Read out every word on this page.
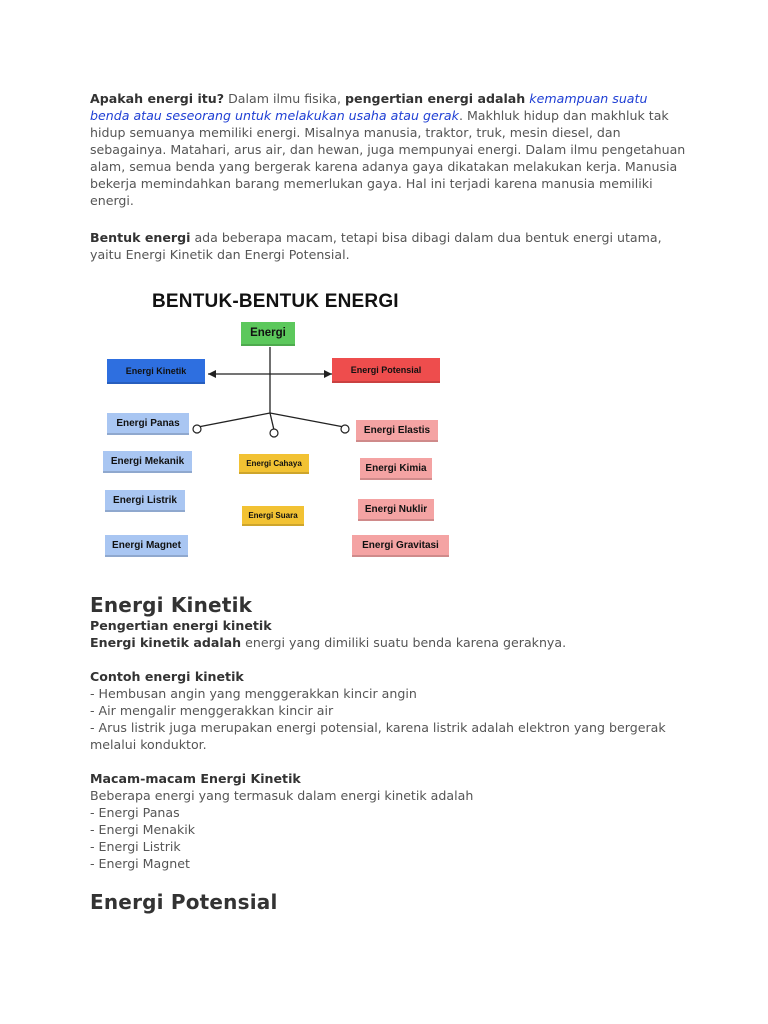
Apakah energi itu? Dalam ilmu fisika, pengertian energi adalah kemampuan suatu benda atau seseorang untuk melakukan usaha atau gerak. Makhluk hidup dan makhluk tak hidup semuanya memiliki energi. Misalnya manusia, traktor, truk, mesin diesel, dan sebagainya. Matahari, arus air, dan hewan, juga mempunyai energi. Dalam ilmu pengetahuan alam, semua benda yang bergerak karena adanya gaya dikatakan melakukan kerja. Manusia bekerja memindahkan barang memerlukan gaya. Hal ini terjadi karena manusia memiliki energi.

Bentuk energi ada beberapa macam, tetapi bisa dibagi dalam dua bentuk energi utama, yaitu Energi Kinetik dan Energi Potensial.

BENTUK-BENTUK ENERGI
Energi
Energi Kinetik	Energi Potensial
Energi Panas
Energi Mekanik
Energi Listrik
Energi Magnet
Energi Cahaya
Energi Suara
Energi Elastis
Energi Kimia
Energi Nuklir
Energi Gravitasi
Energi Kinetik

Pengertian energi kinetik

Energi kinetik adalah energi yang dimiliki suatu benda karena geraknya.

Contoh energi kinetik

- Hembusan angin yang menggerakkan kincir angin
- Air mengalir menggerakkan kincir air
- Arus listrik juga merupakan energi potensial, karena listrik adalah elektron yang bergerak melalui konduktor.

Macam-macam Energi Kinetik

Beberapa energi yang termasuk dalam energi kinetik adalah

- Energi Panas
- Energi Menakik
- Energi Listrik
- Energi Magnet
Energi Potensial
